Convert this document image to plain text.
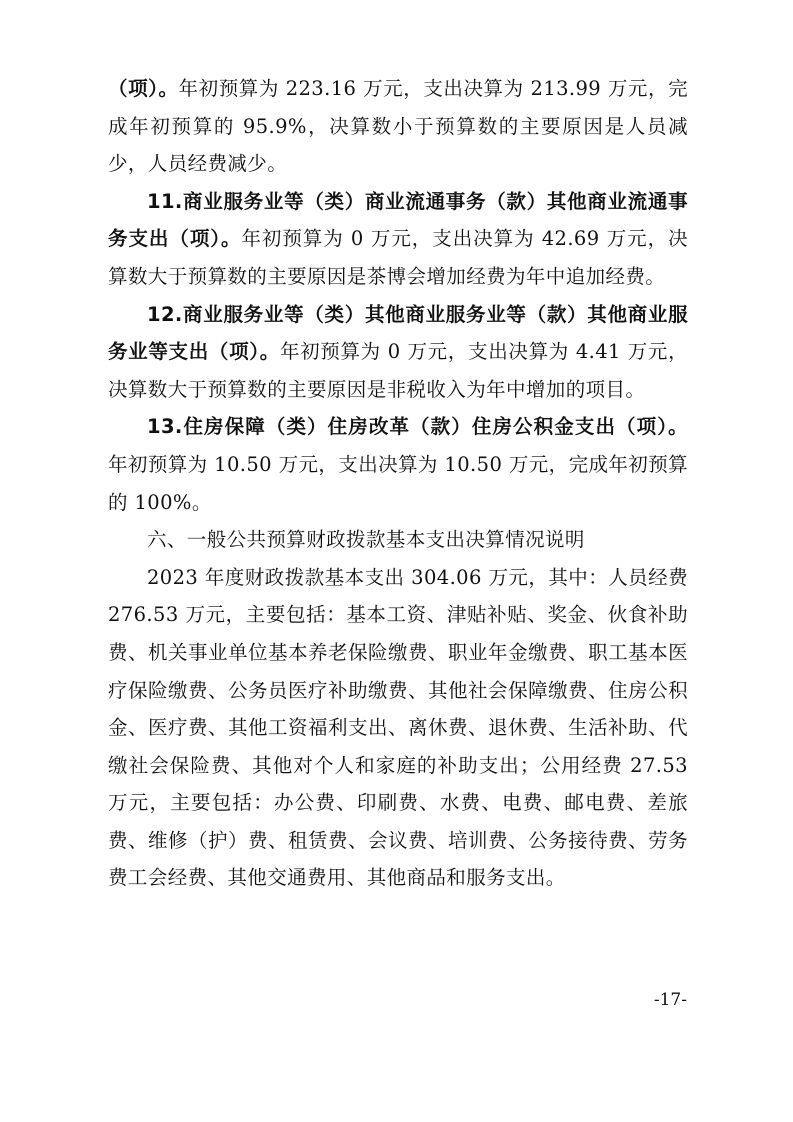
（项）。年初预算为 223.16 万元，支出决算为 213.99 万元，完成年初预算的 95.9%，决算数小于预算数的主要原因是人员减少，人员经费减少。

11.商业服务业等（类）商业流通事务（款）其他商业流通事务支出（项）。年初预算为 0 万元，支出决算为 42.69 万元，决算数大于预算数的主要原因是茶博会增加经费为年中追加经费。

12.商业服务业等（类）其他商业服务业等（款）其他商业服务业等支出（项）。年初预算为 0 万元，支出决算为 4.41 万元，决算数大于预算数的主要原因是非税收入为年中增加的项目。

13.住房保障（类）住房改革（款）住房公积金支出（项）。年初预算为 10.50 万元，支出决算为 10.50 万元，完成年初预算的 100%。

六、一般公共预算财政拨款基本支出决算情况说明

2023 年度财政拨款基本支出 304.06 万元，其中：人员经费 276.53 万元，主要包括：基本工资、津贴补贴、奖金、伙食补助费、机关事业单位基本养老保险缴费、职业年金缴费、职工基本医疗保险缴费、公务员医疗补助缴费、其他社会保障缴费、住房公积金、医疗费、其他工资福利支出、离休费、退休费、生活补助、代缴社会保险费、其他对个人和家庭的补助支出；公用经费 27.53 万元，主要包括：办公费、印刷费、水费、电费、邮电费、差旅费、维修（护）费、租赁费、会议费、培训费、公务接待费、劳务费工会经费、其他交通费用、其他商品和服务支出。

-17-
